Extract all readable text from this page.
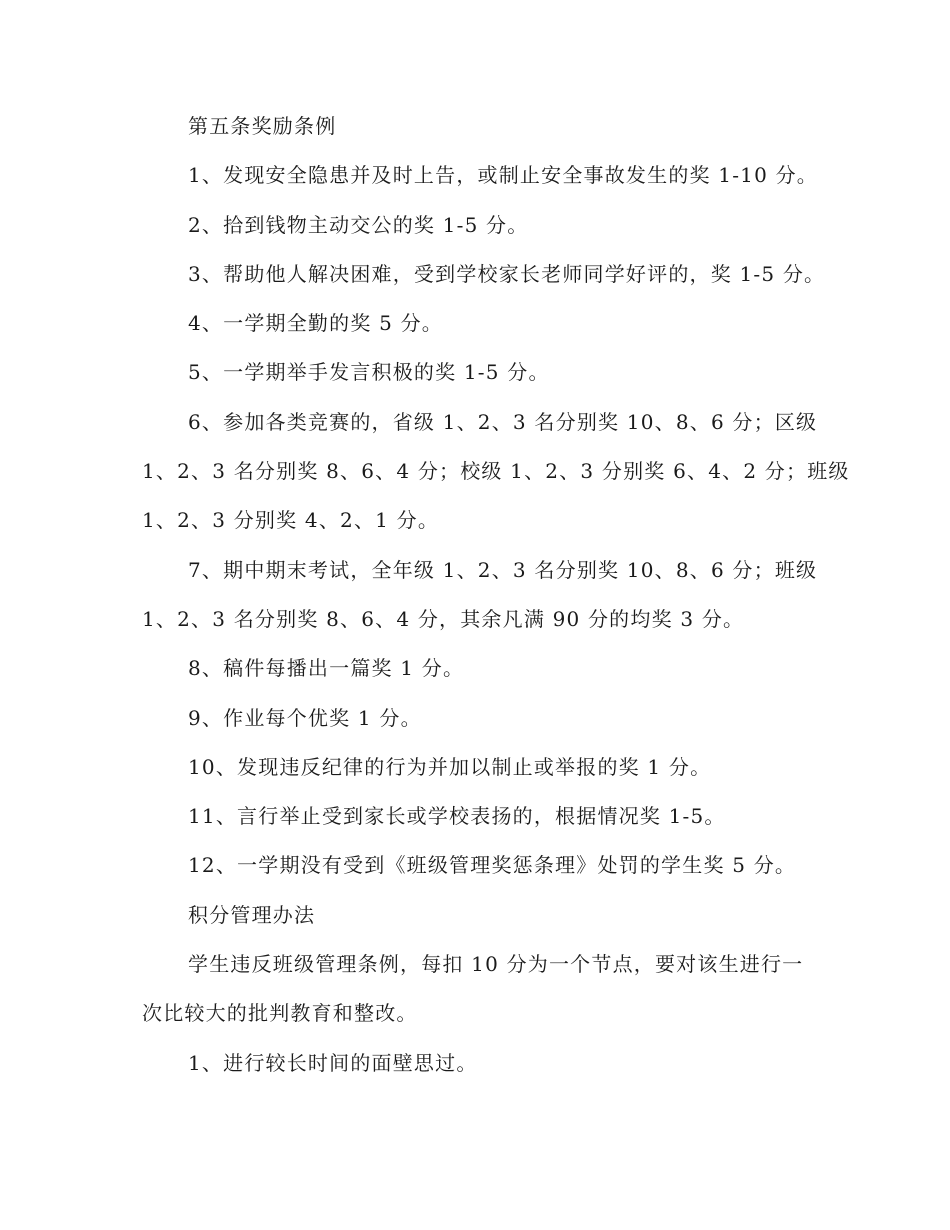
第五条奖励条例
1、发现安全隐患并及时上告，或制止安全事故发生的奖 1-10 分。
2、拾到钱物主动交公的奖 1-5 分。
3、帮助他人解决困难，受到学校家长老师同学好评的，奖 1-5 分。
4、一学期全勤的奖 5 分。
5、一学期举手发言积极的奖 1-5 分。
6、参加各类竞赛的，省级 1、2、3 名分别奖 10、8、6 分；区级
1、2、3 名分别奖 8、6、4 分；校级 1、2、3 分别奖 6、4、2 分；班级
1、2、3 分别奖 4、2、1 分。
7、期中期末考试，全年级 1、2、3 名分别奖 10、8、6 分；班级
1、2、3 名分别奖 8、6、4 分，其余凡满 90 分的均奖 3 分。
8、稿件每播出一篇奖 1 分。
9、作业每个优奖 1 分。
10、发现违反纪律的行为并加以制止或举报的奖 1 分。
11、言行举止受到家长或学校表扬的，根据情况奖 1-5。
12、一学期没有受到《班级管理奖惩条理》处罚的学生奖 5 分。
积分管理办法
学生违反班级管理条例，每扣 10 分为一个节点，要对该生进行一
次比较大的批判教育和整改。
1、进行较长时间的面壁思过。
